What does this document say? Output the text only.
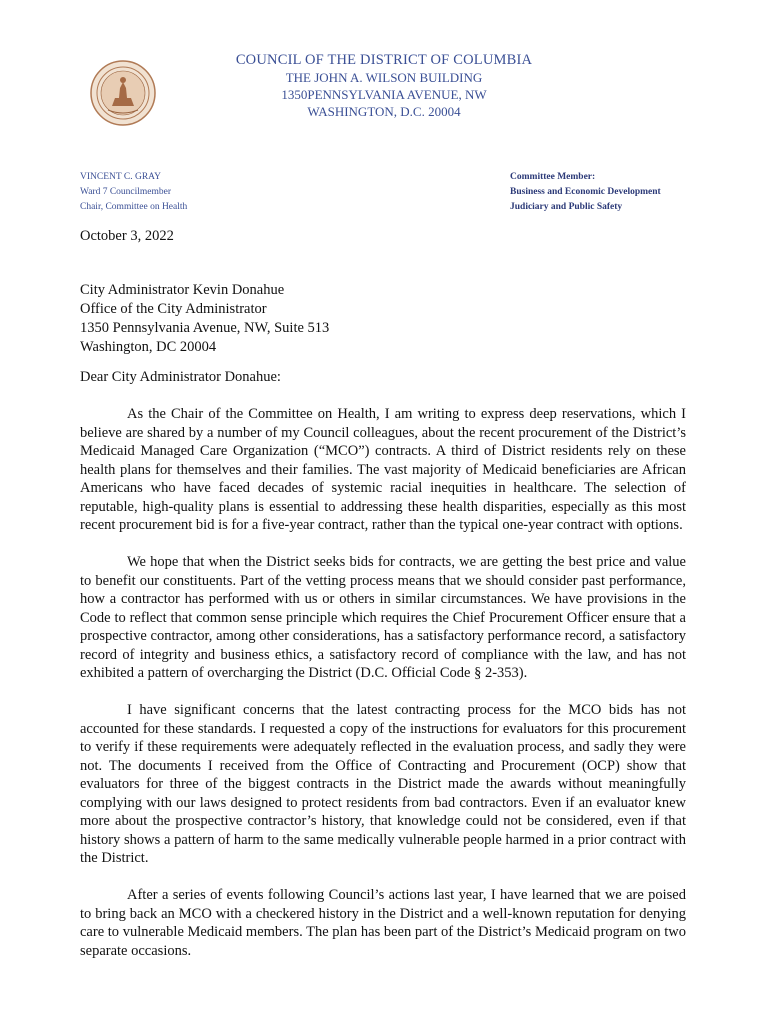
COUNCIL OF THE DISTRICT OF COLUMBIA
THE JOHN A. WILSON BUILDING
1350PENNSYLVANIA AVENUE, NW
WASHINGTON, D.C. 20004
VINCENT C. GRAY
Ward 7 Councilmember
Chair, Committee on Health
Committee Member:
Business and Economic Development
Judiciary and Public Safety
October 3, 2022
City Administrator Kevin Donahue
Office of the City Administrator
1350 Pennsylvania Avenue, NW, Suite 513
Washington, DC 20004
Dear City Administrator Donahue:

As the Chair of the Committee on Health, I am writing to express deep reservations, which I believe are shared by a number of my Council colleagues, about the recent procurement of the District’s Medicaid Managed Care Organization (“MCO”) contracts. A third of District residents rely on these health plans for themselves and their families. The vast majority of Medicaid beneficiaries are African Americans who have faced decades of systemic racial inequities in healthcare. The selection of reputable, high-quality plans is essential to addressing these health disparities, especially as this most recent procurement bid is for a five-year contract, rather than the typical one-year contract with options.

We hope that when the District seeks bids for contracts, we are getting the best price and value to benefit our constituents. Part of the vetting process means that we should consider past performance, how a contractor has performed with us or others in similar circumstances. We have provisions in the Code to reflect that common sense principle which requires the Chief Procurement Officer ensure that a prospective contractor, among other considerations, has a satisfactory performance record, a satisfactory record of integrity and business ethics, a satisfactory record of compliance with the law, and has not exhibited a pattern of overcharging the District (D.C. Official Code § 2-353).

I have significant concerns that the latest contracting process for the MCO bids has not accounted for these standards. I requested a copy of the instructions for evaluators for this procurement to verify if these requirements were adequately reflected in the evaluation process, and sadly they were not. The documents I received from the Office of Contracting and Procurement (OCP) show that evaluators for three of the biggest contracts in the District made the awards without meaningfully complying with our laws designed to protect residents from bad contractors. Even if an evaluator knew more about the prospective contractor’s history, that knowledge could not be considered, even if that history shows a pattern of harm to the same medically vulnerable people harmed in a prior contract with the District.

After a series of events following Council’s actions last year, I have learned that we are poised to bring back an MCO with a checkered history in the District and a well-known reputation for denying care to vulnerable Medicaid members. The plan has been part of the District’s Medicaid program on two separate occasions.
